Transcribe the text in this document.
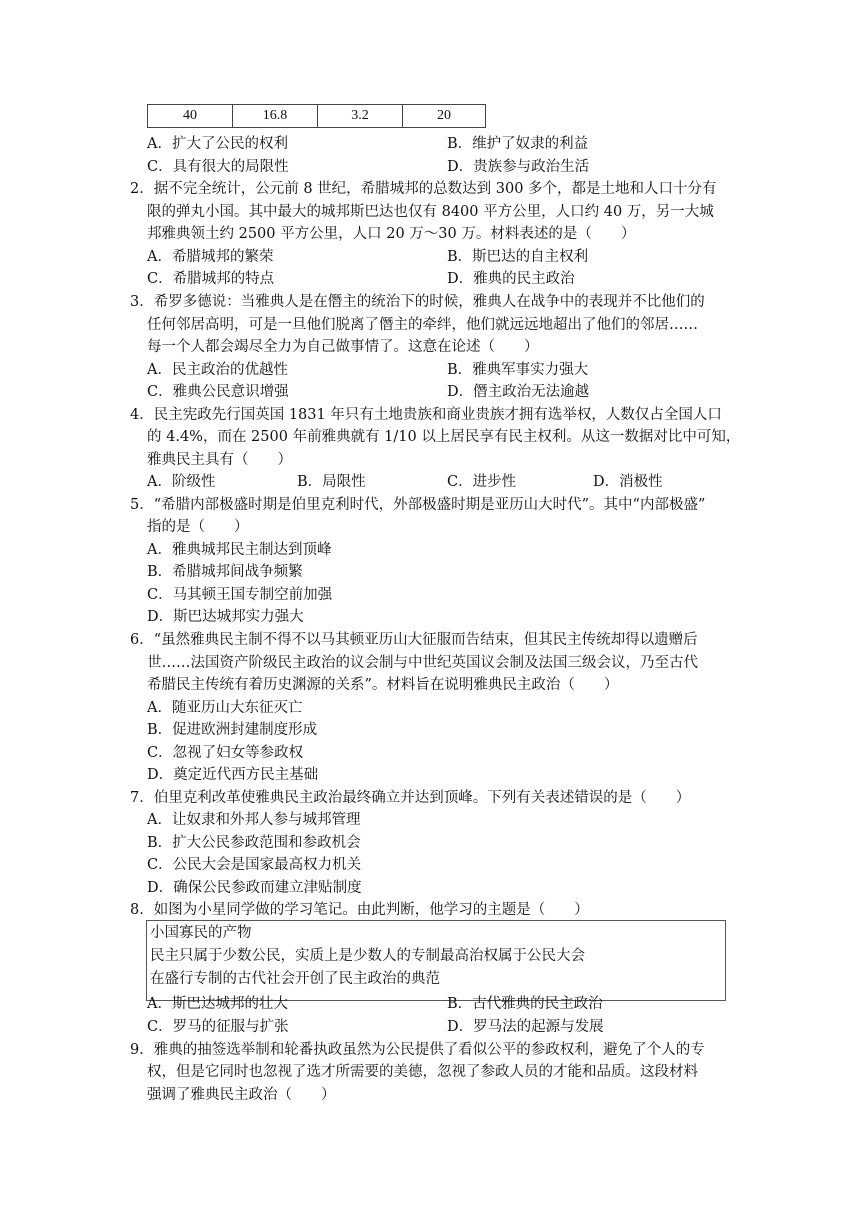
40	16.8	3.2	20
A．扩大了公民的权利	B．维护了奴隶的利益
C．具有很大的局限性	D．贵族参与政治生活
2．据不完全统计，公元前 8 世纪，希腊城邦的总数达到 300 多个，都是土地和人口十分有
限的弹丸小国。其中最大的城邦斯巴达也仅有 8400 平方公里，人口约 40 万，另一大城
邦雅典领土约 2500 平方公里，人口 20 万～30 万。材料表述的是（　　）
A．希腊城邦的繁荣	B．斯巴达的自主权利
C．希腊城邦的特点	D．雅典的民主政治
3．希罗多德说：当雅典人是在僭主的统治下的时候，雅典人在战争中的表现并不比他们的
任何邻居高明，可是一旦他们脱离了僭主的牵绊，他们就远远地超出了他们的邻居……
每一个人都会竭尽全力为自己做事情了。这意在论述（　　）
A．民主政治的优越性	B．雅典军事实力强大
C．雅典公民意识增强	D．僭主政治无法逾越
4．民主宪政先行国英国 1831 年只有土地贵族和商业贵族才拥有选举权，人数仅占全国人口
的 4.4%，而在 2500 年前雅典就有 1/10 以上居民享有民主权利。从这一数据对比中可知，
雅典民主具有（　　）
A．阶级性	B．局限性	C．进步性	D．消极性
5．“希腊内部极盛时期是伯里克利时代，外部极盛时期是亚历山大时代”。其中“内部极盛”
指的是（　　）
A．雅典城邦民主制达到顶峰
B．希腊城邦间战争频繁
C．马其顿王国专制空前加强
D．斯巴达城邦实力强大
6．“虽然雅典民主制不得不以马其顿亚历山大征服而告结束，但其民主传统却得以遗赠后
世……法国资产阶级民主政治的议会制与中世纪英国议会制及法国三级会议，乃至古代
希腊民主传统有着历史渊源的关系”。材料旨在说明雅典民主政治（　　）
A．随亚历山大东征灭亡
B．促进欧洲封建制度形成
C．忽视了妇女等参政权
D．奠定近代西方民主基础
7．伯里克利改革使雅典民主政治最终确立并达到顶峰。下列有关表述错误的是（　　）
A．让奴隶和外邦人参与城邦管理
B．扩大公民参政范围和参政机会
C．公民大会是国家最高权力机关
D．确保公民参政而建立津贴制度
8．如图为小星同学做的学习笔记。由此判断，他学习的主题是（　　）
小国寡民的产物
民主只属于少数公民，实质上是少数人的专制最高治权属于公民大会
在盛行专制的古代社会开创了民主政治的典范
A．斯巴达城邦的壮大	B．古代雅典的民主政治
C．罗马的征服与扩张	D．罗马法的起源与发展
9．雅典的抽签选举制和轮番执政虽然为公民提供了看似公平的参政权利，避免了个人的专
权，但是它同时也忽视了选才所需要的美德，忽视了参政人员的才能和品质。这段材料
强调了雅典民主政治（　　）
